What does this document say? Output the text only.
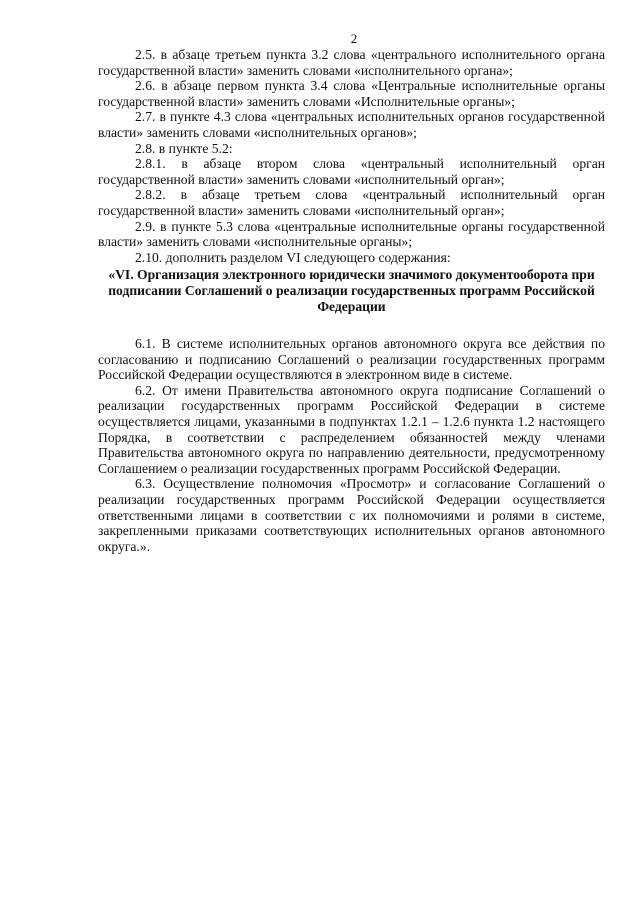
2

2.5. в абзаце третьем пункта 3.2 слова «центрального исполнительного органа государственной власти» заменить словами «исполнительного органа»;

2.6. в абзаце первом пункта 3.4 слова «Центральные исполнительные органы государственной власти» заменить словами «Исполнительные органы»;

2.7. в пункте 4.3 слова «центральных исполнительных органов государственной власти» заменить словами «исполнительных органов»;

2.8. в пункте 5.2:

2.8.1. в абзаце втором слова «центральный исполнительный орган государственной власти» заменить словами «исполнительный орган»;

2.8.2. в абзаце третьем слова «центральный исполнительный орган государственной власти» заменить словами «исполнительный орган»;

2.9. в пункте 5.3 слова «центральные исполнительные органы государственной власти» заменить словами «исполнительные органы»;

2.10. дополнить разделом VI следующего содержания:

«VI. Организация электронного юридически значимого документооборота при подписании Соглашений о реализации государственных программ Российской Федерации

6.1. В системе исполнительных органов автономного округа все действия по согласованию и подписанию Соглашений о реализации государственных программ Российской Федерации осуществляются в электронном виде в системе.

6.2. От имени Правительства автономного округа подписание Соглашений о реализации государственных программ Российской Федерации в системе осуществляется лицами, указанными в подпунктах 1.2.1 – 1.2.6 пункта 1.2 настоящего Порядка, в соответствии с распределением обязанностей между членами Правительства автономного округа по направлению деятельности, предусмотренному Соглашением о реализации государственных программ Российской Федерации.

6.3. Осуществление полномочия «Просмотр» и согласование Соглашений о реализации государственных программ Российской Федерации осуществляется ответственными лицами в соответствии с их полномочиями и ролями в системе, закрепленными приказами соответствующих исполнительных органов автономного округа.».
